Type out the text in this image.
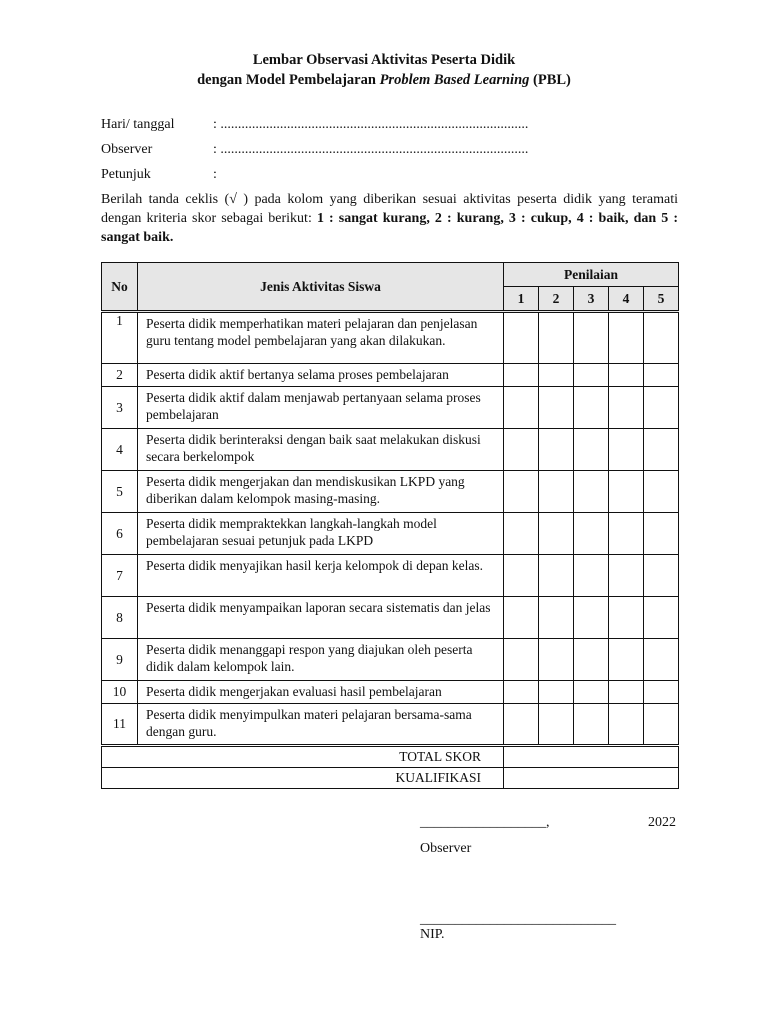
Lembar Observasi Aktivitas Peserta Didik
dengan Model Pembelajaran Problem Based Learning (PBL)
Hari/ tanggal	: ........................................................................................
Observer	: ........................................................................................
Petunjuk	:
Berilah tanda ceklis (√ ) pada kolom yang diberikan sesuai aktivitas peserta didik yang teramati dengan kriteria skor sebagai berikut: 1 : sangat kurang, 2 : kurang, 3 : cukup, 4 : baik, dan 5 : sangat baik.
No	Jenis Aktivitas Siswa	Penilaian				
		1	2	3	4	5
1	Peserta didik memperhatikan materi pelajaran dan penjelasan guru tentang model pembelajaran yang akan dilakukan.					
2	Peserta didik aktif bertanya selama proses pembelajaran					
3	Peserta didik aktif dalam menjawab pertanyaan selama proses pembelajaran					
4	Peserta didik berinteraksi dengan baik saat melakukan diskusi secara berkelompok					
5	Peserta didik mengerjakan dan mendiskusikan LKPD yang diberikan dalam kelompok masing-masing.					
6	Peserta didik mempraktekkan langkah-langkah model pembelajaran sesuai petunjuk pada LKPD					
7	Peserta didik menyajikan hasil kerja kelompok di depan kelas.					
8	Peserta didik menyampaikan laporan secara sistematis dan jelas					
9	Peserta didik menanggapi respon yang diajukan oleh peserta didik dalam kelompok lain.					
10	Peserta didik mengerjakan evaluasi hasil pembelajaran					
11	Peserta didik menyimpulkan materi pelajaran bersama-sama dengan guru.					
TOTAL SKOR						
KUALIFIKASI						
__________________,	2022
Observer
____________________________
NIP.
